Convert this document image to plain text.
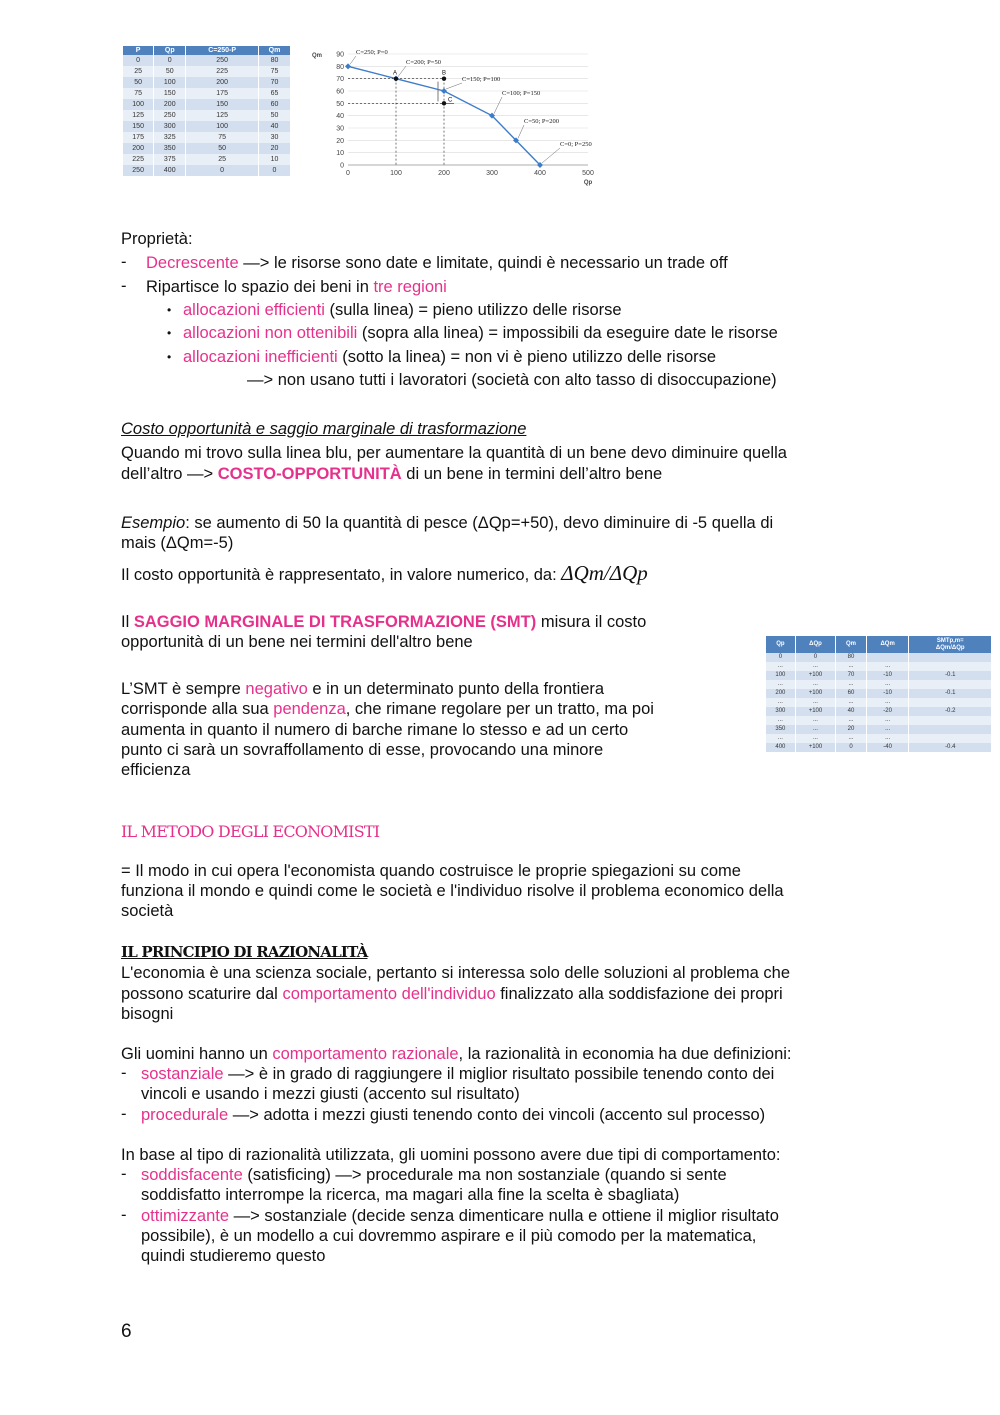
P	Qp	C=250-P	Qm
0	0	250	80
25	50	225	75
50	100	200	70
75	150	175	65
100	200	150	60
125	250	125	50
150	300	100	40
175	325	75	30
200	350	50	20
225	375	25	10
250	400	0	0
0
10
20
30
40
50
60
70
80
90
0	100	200	300	400	500
Qp
Qm
A	B
C
C=250; P=0
C=200; P=50
C=150; P=100
C=100; P=150
C=50; P=200
C=0; P=250
Proprietà:
- Decrescente —> le risorse sono date e limitate, quindi è necessario un trade off
- Ripartisce lo spazio dei beni in tre regioni
• allocazioni efficienti (sulla linea) = pieno utilizzo delle risorse
• allocazioni non ottenibili (sopra alla linea) = impossibili da eseguire date le risorse
• allocazioni inefficienti (sotto la linea) = non vi è pieno utilizzo delle risorse
—> non usano tutti i lavoratori (società con alto tasso di disoccupazione)
Costo opportunità e saggio marginale di trasformazione
Quando mi trovo sulla linea blu, per aumentare la quantità di un bene devo diminuire quella
dell’altro —> COSTO-OPPORTUNITÀ di un bene in termini dell’altro bene
Esempio: se aumento di 50 la quantità di pesce (ΔQp=+50), devo diminuire di -5 quella di
mais (ΔQm=-5)
Il costo opportunità è rappresentato, in valore numerico, da: ΔQm/ΔQp
Il SAGGIO MARGINALE DI TRASFORMAZIONE (SMT) misura il costo
opportunità di un bene nei termini dell'altro bene
L’SMT è sempre negativo e in un determinato punto della frontiera
corrisponde alla sua pendenza, che rimane regolare per un tratto, ma poi
aumenta in quanto il numero di barche rimane lo stesso e ad un certo
punto ci sarà un sovraffollamento di esse, provocando una minore
efficienza
Qp	ΔQp	Qm	ΔQm	SMTp,m=
ΔQm/ΔQp
0	0	80		
...	...	...	...	
100	+100	70	-10	-0.1
...	...	...	...	
200	+100	60	-10	-0.1
...	...	...	...	
300	+100	40	-20	-0.2
...	...	...	...	
350	...	20	...	
...	...	...	...	
400	+100	0	-40	-0.4
IL METODO DEGLI ECONOMISTI
= Il modo in cui opera l'economista quando costruisce le proprie spiegazioni su come
funziona il mondo e quindi come le società e l'individuo risolve il problema economico della
società
IL PRINCIPIO DI RAZIONALITÀ
L'economia è una scienza sociale, pertanto si interessa solo delle soluzioni al problema che
possono scaturire dal comportamento dell'individuo finalizzato alla soddisfazione dei propri
bisogni
Gli uomini hanno un comportamento razionale, la razionalità in economia ha due definizioni:
- sostanziale —> è in grado di raggiungere il miglior risultato possibile tenendo conto dei
vincoli e usando i mezzi giusti (accento sul risultato)
- procedurale —> adotta i mezzi giusti tenendo conto dei vincoli (accento sul processo)
In base al tipo di razionalità utilizzata, gli uomini possono avere due tipi di comportamento:
- soddisfacente (satisficing) —> procedurale ma non sostanziale (quando si sente
soddisfatto interrompe la ricerca, ma magari alla fine la scelta è sbagliata)
- ottimizzante —> sostanziale (decide senza dimenticare nulla e ottiene il miglior risultato
possibile), è un modello a cui dovremmo aspirare e il più comodo per la matematica,
quindi studieremo questo
6
